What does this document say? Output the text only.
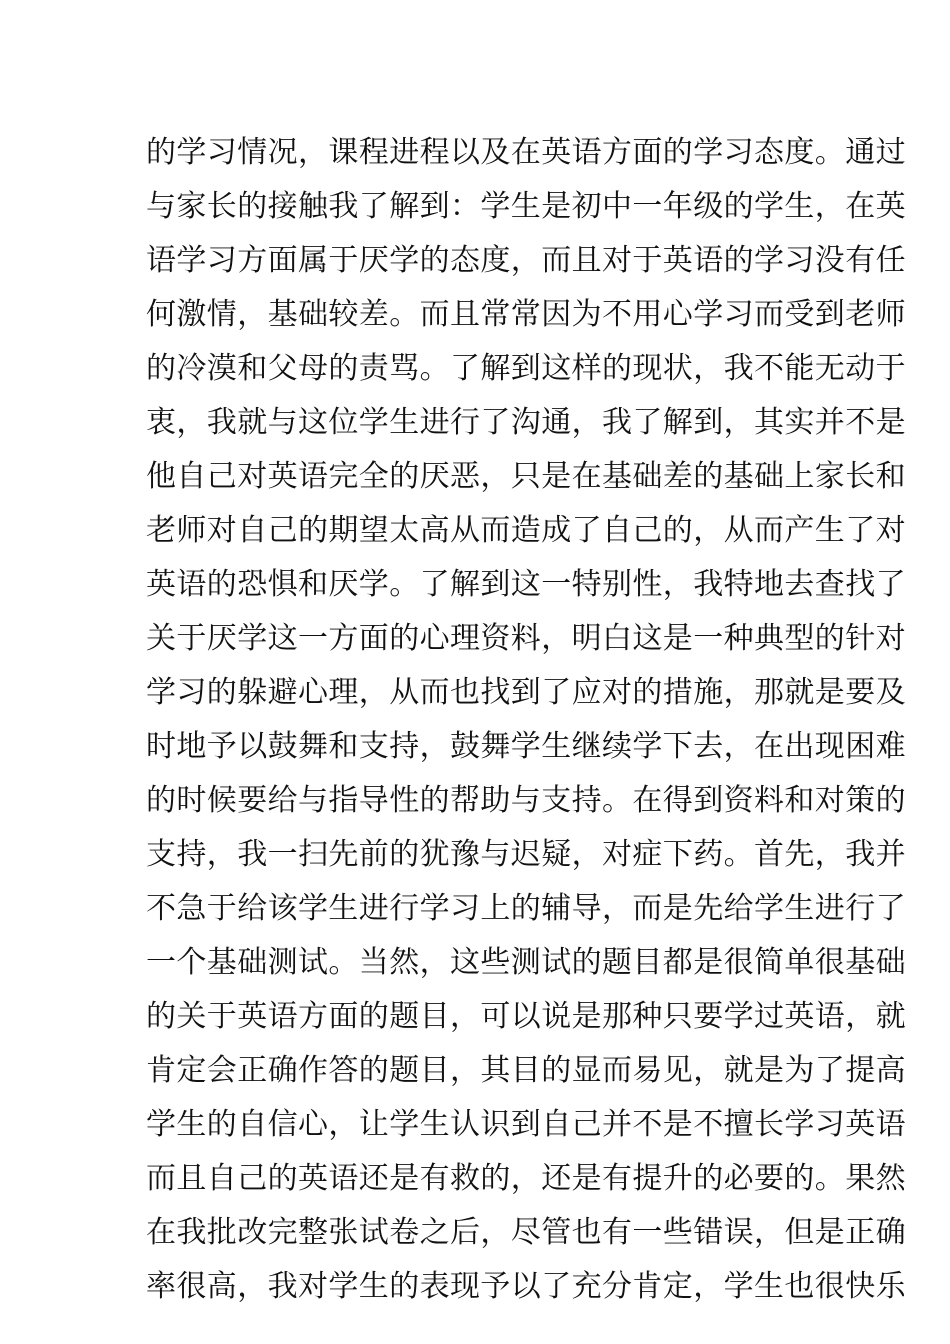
的学习情况，课程进程以及在英语方面的学习态度。通过
与家长的接触我了解到：学生是初中一年级的学生，在英
语学习方面属于厌学的态度，而且对于英语的学习没有任
何激情，基础较差。而且常常因为不用心学习而受到老师
的冷漠和父母的责骂。了解到这样的现状，我不能无动于
衷，我就与这位学生进行了沟通，我了解到，其实并不是
他自己对英语完全的厌恶，只是在基础差的基础上家长和
老师对自己的期望太高从而造成了自己的，从而产生了对
英语的恐惧和厌学。了解到这一特别性，我特地去查找了
关于厌学这一方面的心理资料，明白这是一种典型的针对
学习的躲避心理，从而也找到了应对的措施，那就是要及
时地予以鼓舞和支持，鼓舞学生继续学下去，在出现困难
的时候要给与指导性的帮助与支持。在得到资料和对策的
支持，我一扫先前的犹豫与迟疑，对症下药。首先，我并
不急于给该学生进行学习上的辅导，而是先给学生进行了
一个基础测试。当然，这些测试的题目都是很简单很基础
的关于英语方面的题目，可以说是那种只要学过英语，就
肯定会正确作答的题目，其目的显而易见，就是为了提高
学生的自信心，让学生认识到自己并不是不擅长学习英语
而且自己的英语还是有救的，还是有提升的必要的。果然
在我批改完整张试卷之后，尽管也有一些错误，但是正确
率很高，我对学生的表现予以了充分肯定，学生也很快乐
